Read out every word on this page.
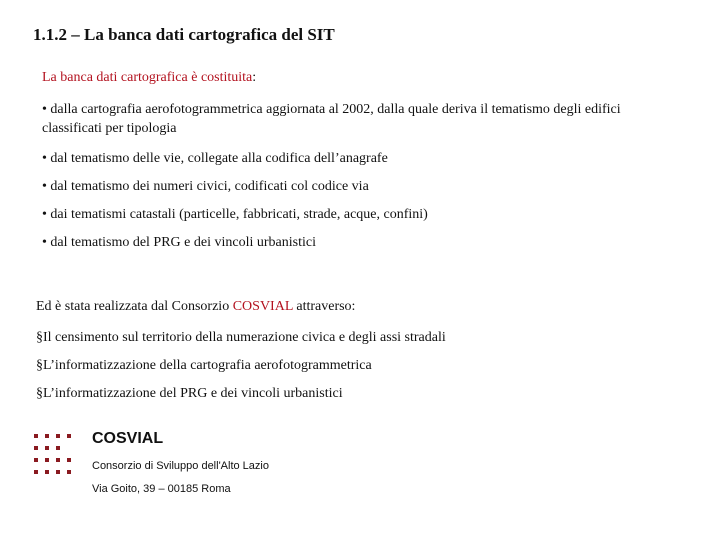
1.1.2 – La banca dati cartografica del SIT
La banca dati cartografica è costituita:
• dalla cartografia aerofotogrammetrica aggiornata al 2002, dalla quale deriva il tematismo degli edifici classificati per tipologia
• dal tematismo delle vie, collegate alla codifica dell’anagrafe
• dal tematismo dei numeri civici, codificati col codice via
• dai tematismi catastali (particelle, fabbricati, strade, acque, confini)
• dal tematismo del PRG e dei vincoli urbanistici
Ed è stata realizzata dal Consorzio COSVIAL attraverso:
§Il censimento sul territorio della numerazione civica e degli assi stradali
§L’informatizzazione della cartografia aerofotogrammetrica
§L’informatizzazione del PRG e dei vincoli urbanistici
COSVIAL
Consorzio di Sviluppo dell'Alto Lazio
Via Goito, 39 – 00185 Roma
